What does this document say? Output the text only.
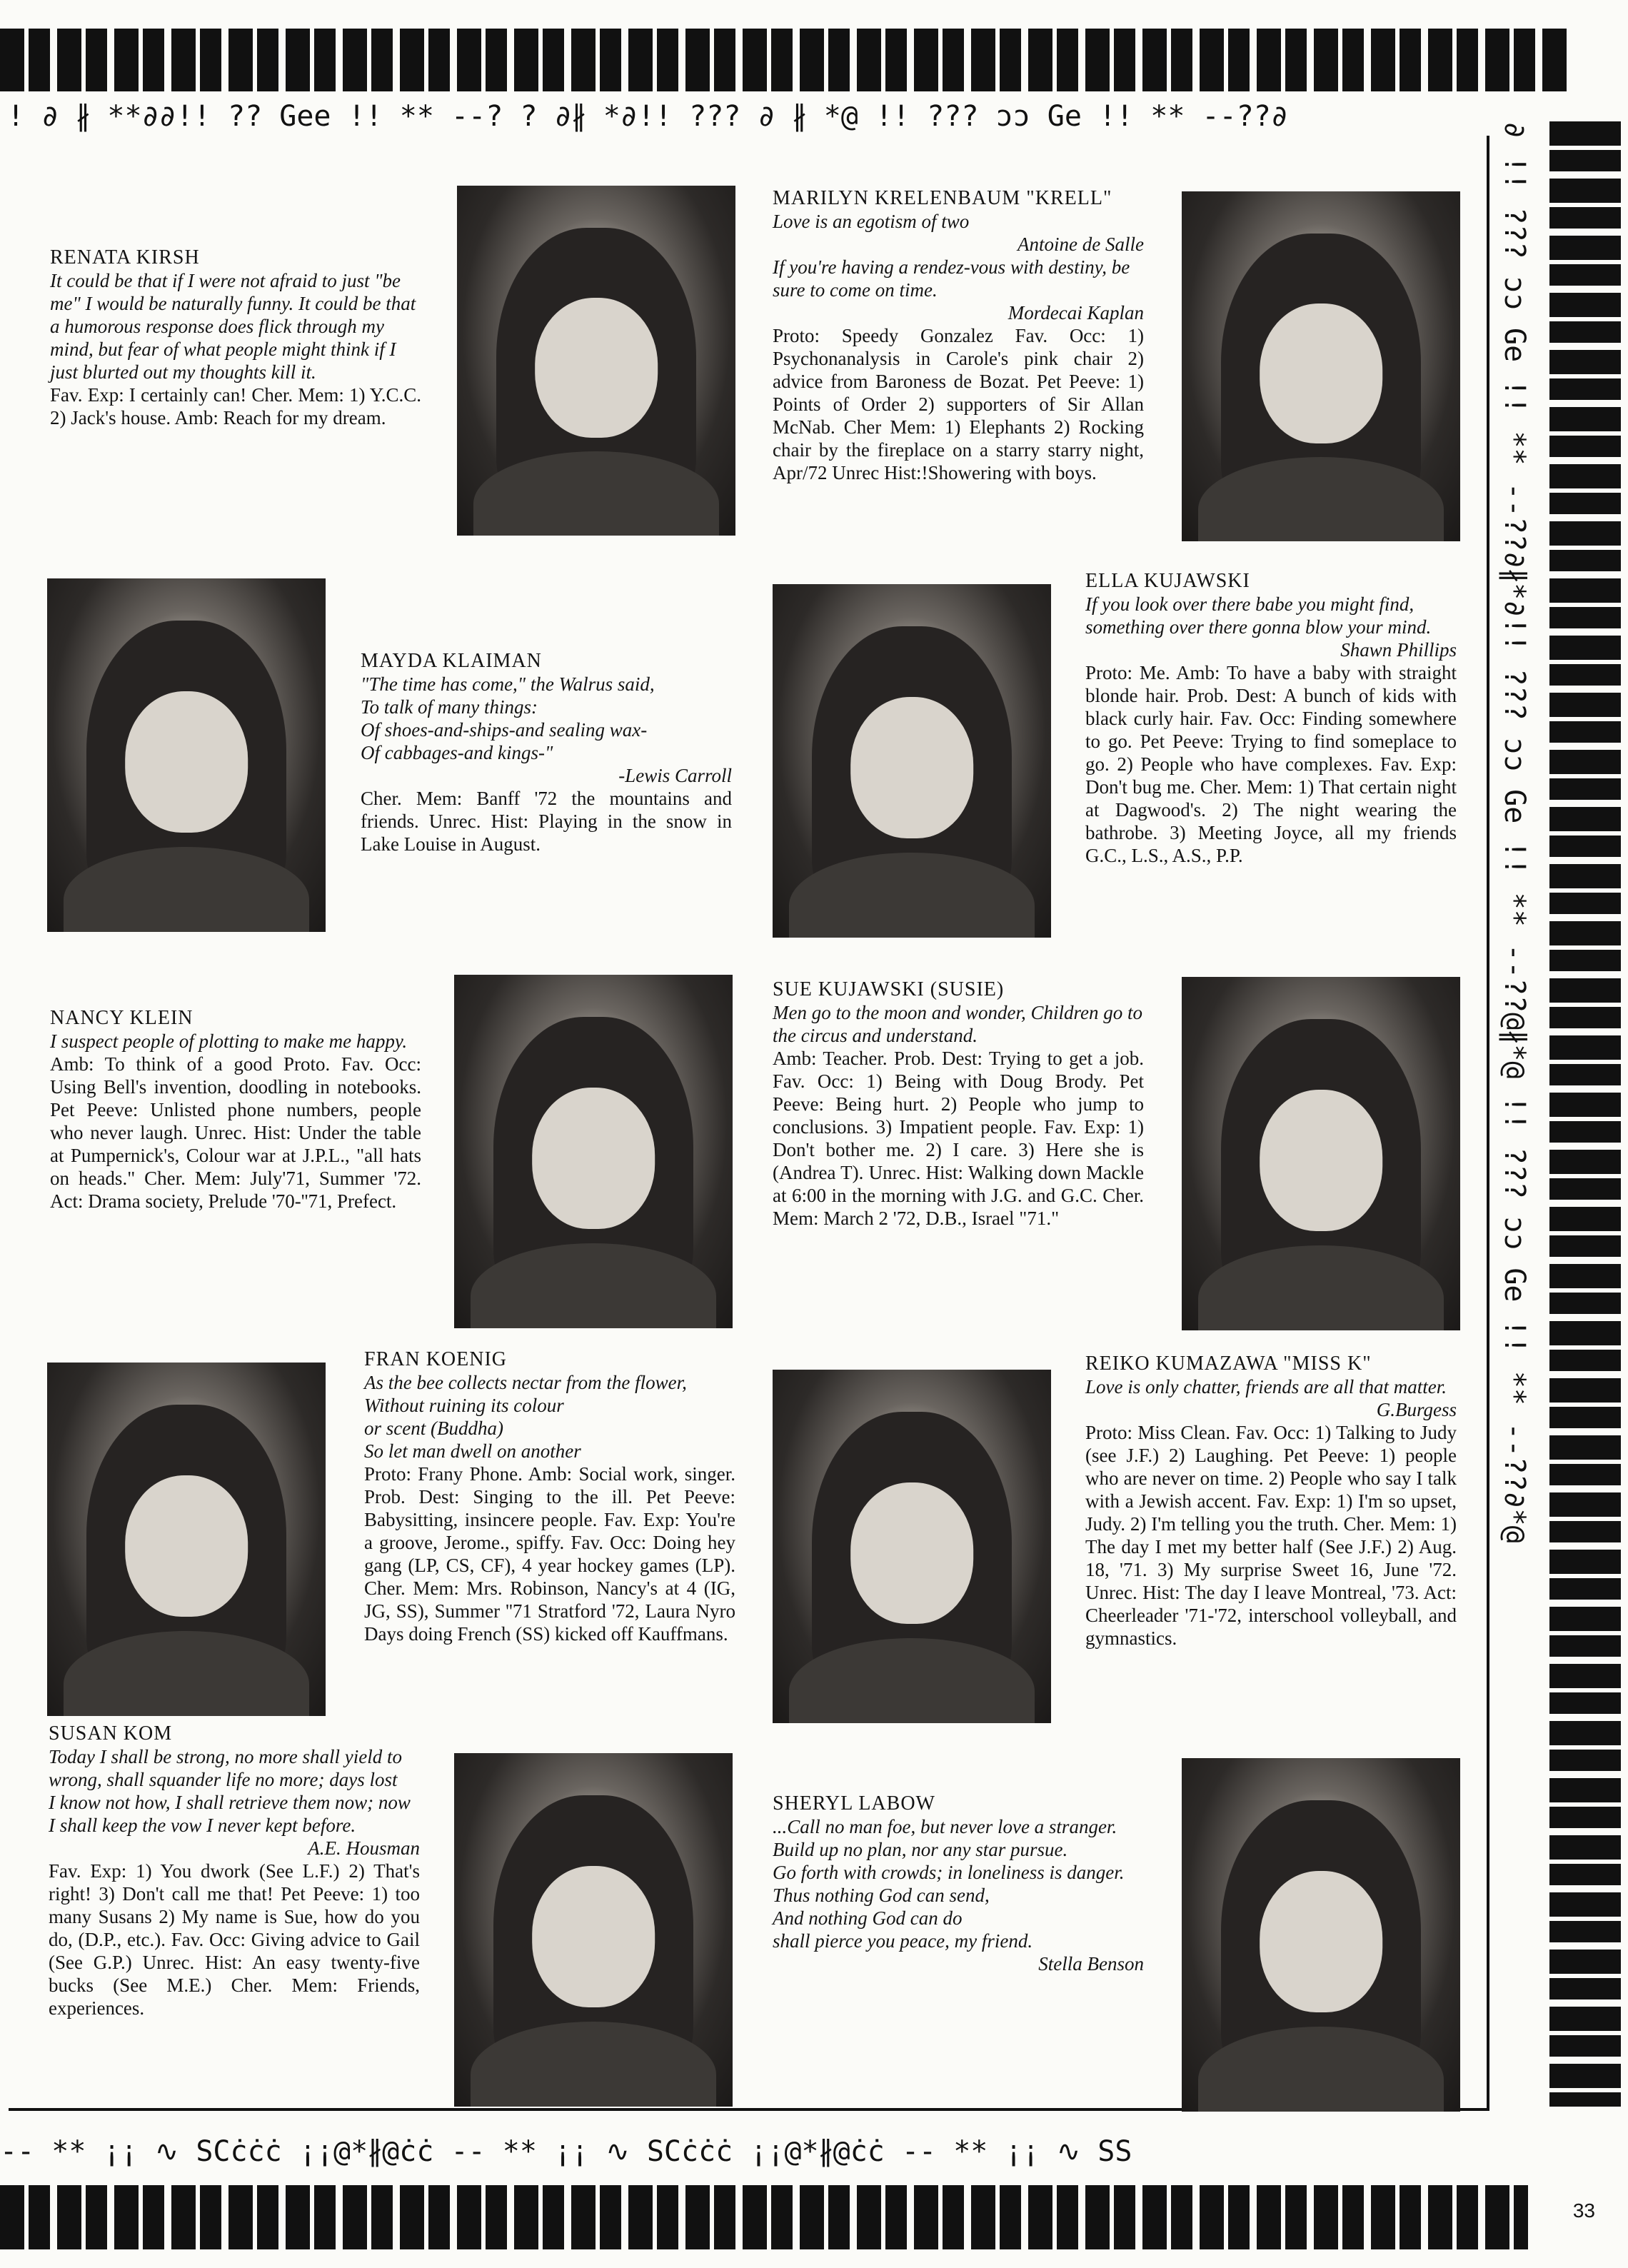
! ∂ ∦ **∂∂!! ?? Gee !! ** --? ? ∂∦ *∂!! ??? ∂ ∦ *@ !! ??? ɔɔ Ge !! ** --??∂
∂ !! ??? ɔɔ Ge !! ** --??∂∦*∂!! ??? ɔɔ Ge !! ** --??@∦*@ !! ??? ɔɔ Ge !! ** --??∂*@
-- ** ¡¡ ∿ SCċċċ ¡¡@*∦@ċċ -- ** ¡¡ ∿ SCċċċ ¡¡@*∦@ċċ -- ** ¡¡ ∿ SS
33
RENATA KIRSH
It could be that if I were not afraid to just "be me" I would be naturally funny. It could be that a humorous response does flick through my mind, but fear of what people might think if I just blurted out my thoughts kill it.
Fav. Exp: I certainly can! Cher. Mem: 1) Y.C.C. 2) Jack's house. Amb: Reach for my dream.
MARILYN KRELENBAUM "KRELL"
Love is an egotism of two
Antoine de Salle
If you're having a rendez-vous with destiny, be sure to come on time.
Mordecai Kaplan
Proto: Speedy Gonzalez Fav. Occ: 1) Psychonanalysis in Carole's pink chair 2) advice from Baroness de Bozat. Pet Peeve: 1) Points of Order 2) supporters of Sir Allan McNab. Cher Mem: 1) Elephants 2) Rocking chair by the fireplace on a starry starry night, Apr/72 Unrec Hist:!Showering with boys.
MAYDA KLAIMAN
"The time has come," the Walrus said,
To talk of many things:
Of shoes-and-ships-and sealing wax-
Of cabbages-and kings-"
-Lewis Carroll
Cher. Mem: Banff '72 the mountains and friends. Unrec. Hist: Playing in the snow in Lake Louise in August.
ELLA KUJAWSKI
If you look over there babe you might find, something over there gonna blow your mind.
Shawn Phillips
Proto: Me. Amb: To have a baby with straight blonde hair. Prob. Dest: A bunch of kids with black curly hair. Fav. Occ: Finding somewhere to go. Pet Peeve: Trying to find someplace to go. 2) People who have complexes. Fav. Exp: Don't bug me. Cher. Mem: 1) That certain night at Dagwood's. 2) The night wearing the bathrobe. 3) Meeting Joyce, all my friends G.C., L.S., A.S., P.P.
NANCY KLEIN
I suspect people of plotting to make me happy.
Amb: To think of a good Proto. Fav. Occ: Using Bell's invention, doodling in notebooks. Pet Peeve: Unlisted phone numbers, people who never laugh. Unrec. Hist: Under the table at Pumpernick's, Colour war at J.P.L., "all hats on heads." Cher. Mem: July'71, Summer '72. Act: Drama society, Prelude '70-''71, Prefect.
SUE KUJAWSKI (SUSIE)
Men go to the moon and wonder, Children go to the circus and understand.
Amb: Teacher. Prob. Dest: Trying to get a job. Fav. Occ: 1) Being with Doug Brody. Pet Peeve: Being hurt. 2) People who jump to conclusions. 3) Impatient people. Fav. Exp: 1) Don't bother me. 2) I care. 3) Here she is (Andrea T). Unrec. Hist: Walking down Mackle at 6:00 in the morning with J.G. and G.C. Cher. Mem: March 2 '72, D.B., Israel "71."
FRAN KOENIG
As the bee collects nectar from the flower,
Without ruining its colour
or scent (Buddha)
So let man dwell on another
Proto: Frany Phone. Amb: Social work, singer. Prob. Dest: Singing to the ill. Pet Peeve: Babysitting, insincere people. Fav. Exp: You're a groove, Jerome., spiffy. Fav. Occ: Doing hey gang (LP, CS, CF), 4 year hockey games (LP). Cher. Mem: Mrs. Robinson, Nancy's at 4 (IG, JG, SS), Summer ''71 Stratford '72, Laura Nyro Days doing French (SS) kicked off Kauffmans.
REIKO KUMAZAWA "MISS K"
Love is only chatter, friends are all that matter.
G.Burgess
Proto: Miss Clean. Fav. Occ: 1) Talking to Judy (see J.F.) 2) Laughing. Pet Peeve: 1) people who are never on time. 2) People who say I talk with a Jewish accent. Fav. Exp: 1) I'm so upset, Judy. 2) I'm telling you the truth. Cher. Mem: 1) The day I met my better half (See J.F.) 2) Aug. 18, '71. 3) My surprise Sweet 16, June '72. Unrec. Hist: The day I leave Montreal, '73. Act: Cheerleader '71-'72, interschool volleyball, and gymnastics.
SUSAN KOM
Today I shall be strong, no more shall yield to
wrong, shall squander life no more; days lost
I know not how, I shall retrieve them now; now
I shall keep the vow I never kept before.
A.E. Housman
Fav. Exp: 1) You dwork (See L.F.) 2) That's right! 3) Don't call me that! Pet Peeve: 1) too many Susans 2) My name is Sue, how do you do, (D.P., etc.). Fav. Occ: Giving advice to Gail (See G.P.) Unrec. Hist: An easy twenty-five bucks (See M.E.) Cher. Mem: Friends, experiences.
SHERYL LABOW
...Call no man foe, but never love a stranger.
Build up no plan, nor any star pursue.
Go forth with crowds; in loneliness is danger.
Thus nothing God can send,
And nothing God can do
shall pierce you peace, my friend.
Stella Benson
